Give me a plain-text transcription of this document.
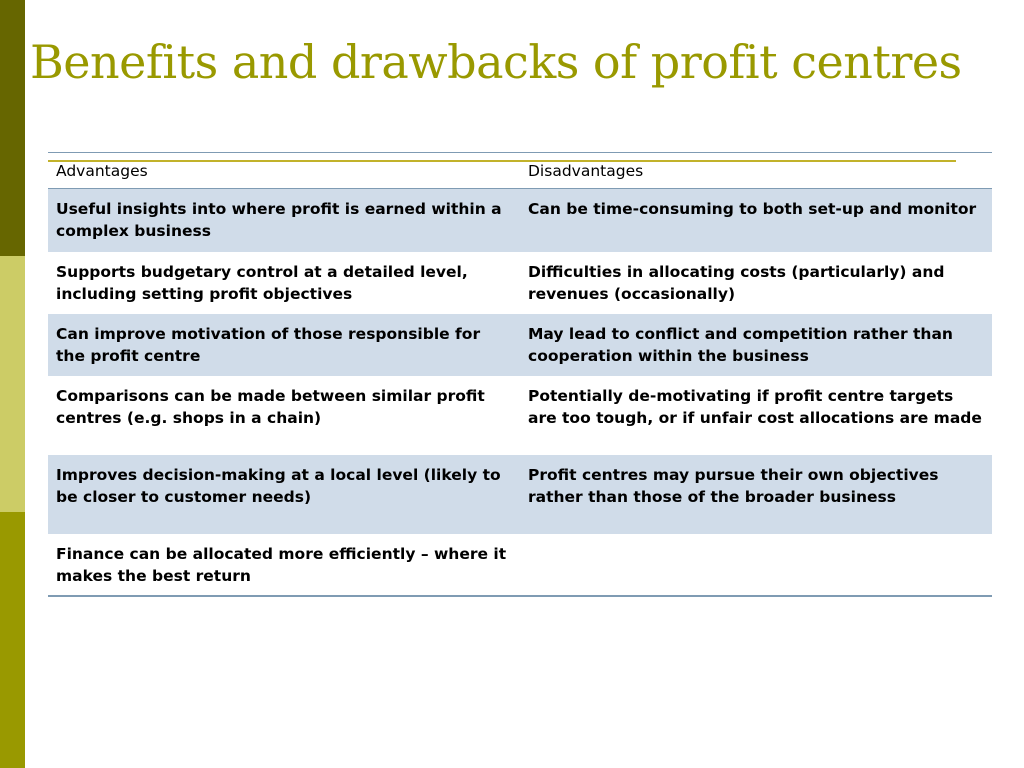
Benefits and drawbacks of profit centres
Advantages	Disadvantages
Useful insights into where profit is earned within a complex business	Can be time-consuming to both set-up and monitor
Supports budgetary control at a detailed level, including setting profit objectives	Difficulties in allocating costs (particularly) and revenues (occasionally)
Can improve motivation of those responsible for the profit centre	May lead to conflict and competition rather than cooperation within the business
Comparisons can be made between similar profit centres (e.g. shops in a chain)	Potentially de-motivating if profit centre targets are too tough, or if unfair cost allocations are made
Improves decision-making at a local level (likely to be closer to customer needs)	Profit centres may pursue their own objectives rather than those of the broader business
Finance can be allocated more efficiently – where it makes the best return	
